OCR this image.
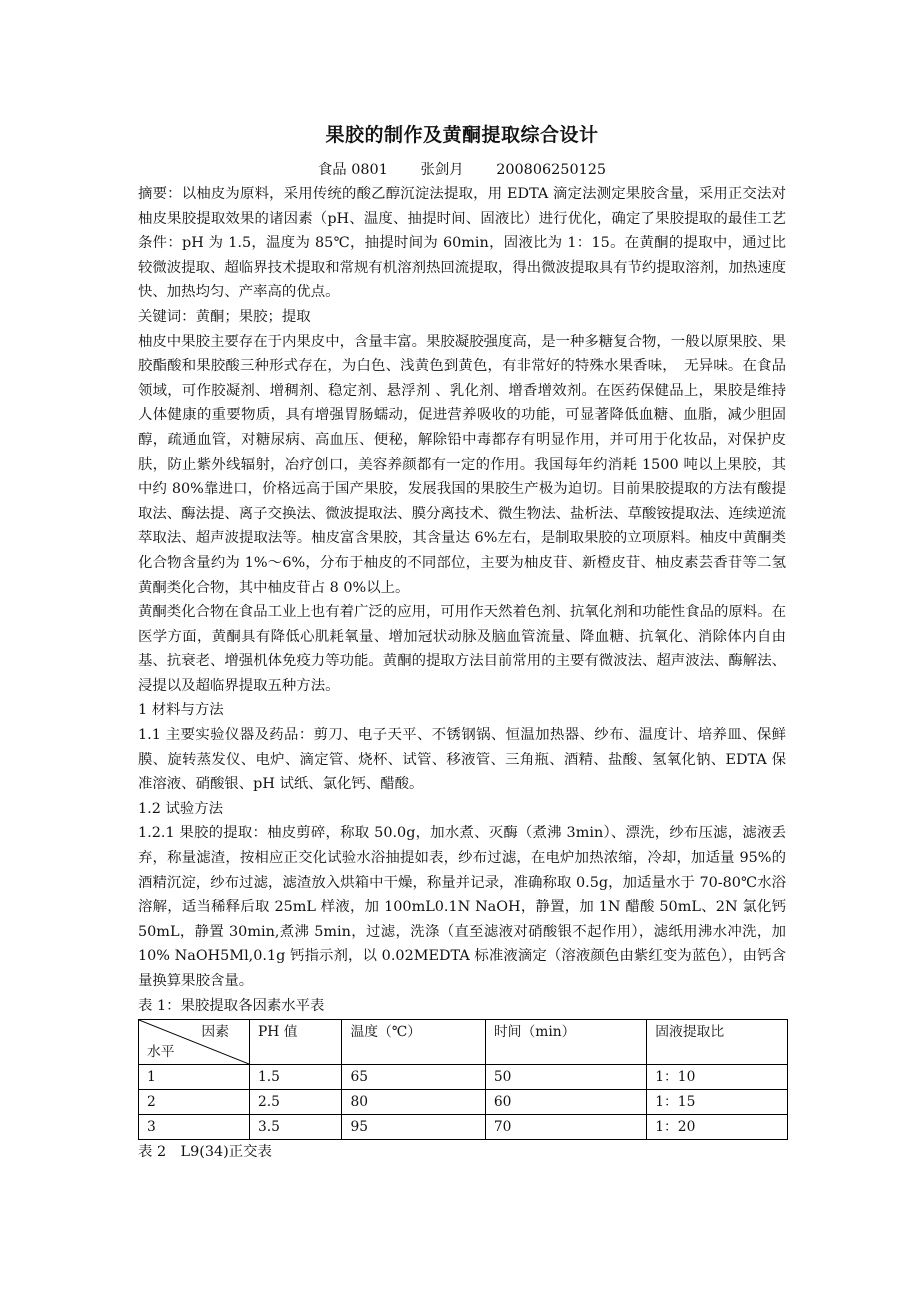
果胶的制作及黄酮提取综合设计
食品 0801 张剑月 200806250125

摘要：以柚皮为原料，采用传统的酸乙醇沉淀法提取，用 EDTA 滴定法测定果胶含量，采用正交法对柚皮果胶提取效果的诸因素（pH、温度、抽提时间、固液比）进行优化，确定了果胶提取的最佳工艺条件：pH 为 1.5，温度为 85℃，抽提时间为 60min，固液比为 1：15。在黄酮的提取中，通过比较微波提取、超临界技术提取和常规有机溶剂热回流提取，得出微波提取具有节约提取溶剂，加热速度快、加热均匀、产率高的优点。

关键词：黄酮；果胶；提取

柚皮中果胶主要存在于内果皮中，含量丰富。果胶凝胶强度高，是一种多糖复合物，一般以原果胶、果胶酯酸和果胶酸三种形式存在，为白色、浅黄色到黄色，有非常好的特殊水果香味，　无异味。在食品领域，可作胶凝剂、增稠剂、稳定剂、悬浮剂 、乳化剂、增香增效剂。在医药保健品上，果胶是维持人体健康的重要物质，具有增强胃肠蠕动，促进营养吸收的功能，可显著降低血糖、血脂，减少胆固醇，疏通血管，对糖尿病、高血压、便秘，解除铅中毒都存有明显作用，并可用于化妆品，对保护皮肤，防止紫外线辐射，冶疗创口，美容养颜都有一定的作用。我国每年约消耗 1500 吨以上果胶，其中约 80%靠进口，价格远高于国产果胶，发展我国的果胶生产极为迫切。目前果胶提取的方法有酸提取法、酶法提、离子交换法、微波提取法、膜分离技术、微生物法、盐析法、草酸铵提取法、连续逆流萃取法、超声波提取法等。柚皮富含果胶，其含量达 6%左右，是制取果胶的立项原料。柚皮中黄酮类化合物含量约为 1%～6%，分布于柚皮的不同部位，主要为柚皮苷、新橙皮苷、柚皮素芸香苷等二氢黄酮类化合物，其中柚皮苷占 8 0%以上。

黄酮类化合物在食品工业上也有着广泛的应用，可用作天然着色剂、抗氧化剂和功能性食品的原料。在医学方面，黄酮具有降低心肌耗氧量、增加冠状动脉及脑血管流量、降血糖、抗氧化、消除体内自由基、抗衰老、增强机体免疫力等功能。黄酮的提取方法目前常用的主要有微波法、超声波法、酶解法、浸提以及超临界提取五种方法。

1 材料与方法

1.1 主要实验仪器及药品：剪刀、电子天平、不锈钢锅、恒温加热器、纱布、温度计、培养皿、保鲜膜、旋转蒸发仪、电炉、滴定管、烧杯、试管、移液管、三角瓶、酒精、盐酸、氢氧化钠、EDTA 保准溶液、硝酸银、pH 试纸、氯化钙、醋酸。

1.2 试验方法

1.2.1 果胶的提取：柚皮剪碎，称取 50.0g，加水煮、灭酶（煮沸 3min）、漂洗，纱布压滤，滤液丢弃，称量滤渣，按相应正交化试验水浴抽提如表，纱布过滤，在电炉加热浓缩，冷却，加适量 95%的酒精沉淀，纱布过滤，滤渣放入烘箱中干燥，称量并记录，准确称取 0.5g，加适量水于 70-80℃水浴溶解，适当稀释后取 25mL 样液，加 100mL0.1N NaOH，静置，加 1N 醋酸 50mL、2N 氯化钙 50mL，静置 30min,煮沸 5min，过滤，洗涤（直至滤液对硝酸银不起作用），滤纸用沸水冲洗，加 10% NaOH5Ml,0.1g 钙指示剂，以 0.02MEDTA 标准液滴定（溶液颜色由紫红变为蓝色），由钙含量换算果胶含量。

表 1：果胶提取各因素水平表

因素
水平	PH 值	温度（℃）	时间（min）	固液提取比
1	1.5	65	50	1：10
2	2.5	80	60	1：15
3	3.5	95	70	1：20

表 2　L9(34)正交表
